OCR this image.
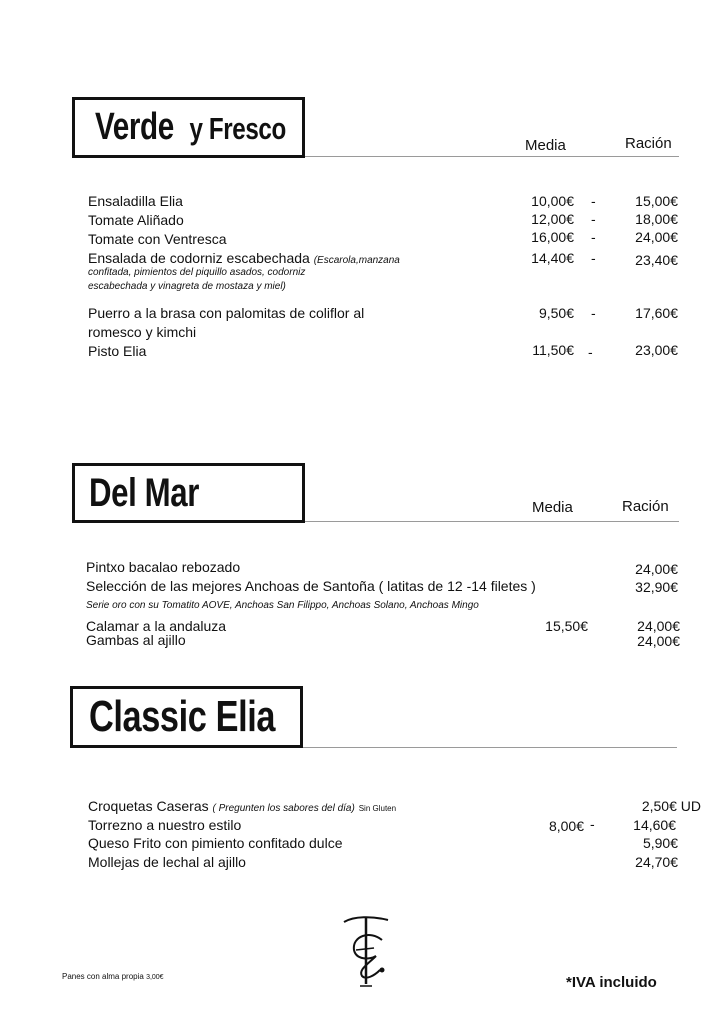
Verde y Fresco	Media	Ración
Ensaladilla Elia	10,00€ -	15,00€
Tomate Aliñado	12,00€ -	18,00€
Tomate con Ventresca	16,00€ -	24,00€
Ensalada de codorniz escabechada (Escarola,manzana
confitada, pimientos del piquillo asados, codorniz
escabechada y vinagreta de mostaza y miel)
14,40€ -	23,40€
Puerro a la brasa con palomitas de coliflor al
romesco y kimchi
9,50€ -	17,60€
Pisto Elia	11,50€ -	23,00€
Del Mar	Media	Ración
Pintxo bacalao rebozado	24,00€
Selección de las mejores Anchoas de Santoña ( latitas de 12 -14 filetes )	32,90€
Serie oro con su Tomatito AOVE, Anchoas San Filippo, Anchoas Solano, Anchoas Mingo
Calamar a la andaluza	15,50€	24,00€
Gambas al ajillo	24,00€
Classic Elia
Croquetas Caseras ( Pregunten los sabores del día) Sin Gluten	2,50€ UD
Torrezno a nuestro estilo	8,00€ -	14,60€
Queso Frito con pimiento confitado dulce	5,90€
Mollejas de lechal al ajillo	24,70€
Panes con alma propia 3,00€	*IVA incluido
